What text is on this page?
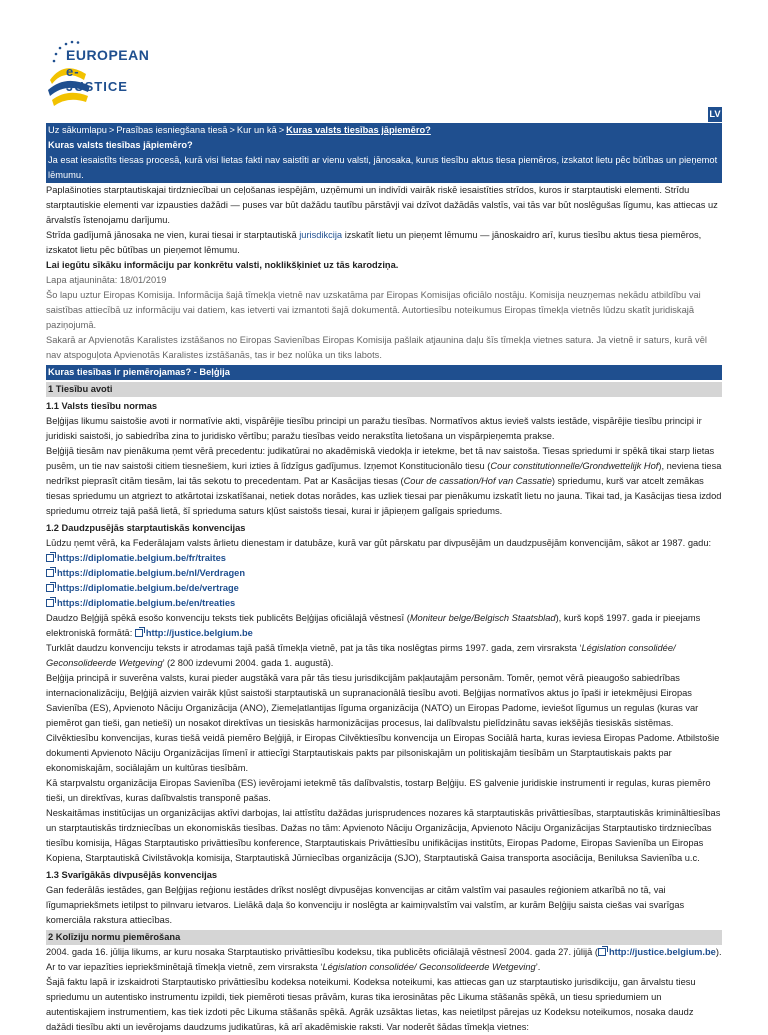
EUROPEAN
e-JUSTICE
LV
Uz sākumlapu > Prasības iesniegšana tiesā > Kur un kā > Kuras valsts tiesības jāpiemēro?

Kuras valsts tiesības jāpiemēro?

Ja esat iesaistīts tiesas procesā, kurā visi lietas fakti nav saistīti ar vienu valsti, jānosaka, kurus tiesību aktus tiesa piemēros, izskatot lietu pēc būtības un pieņemot lēmumu.

Paplašinoties starptautiskajai tirdzniecībai un ceļošanas iespējām, uzņēmumi un indivīdi vairāk riskē iesaistīties strīdos, kuros ir starptautiski elementi. Strīdu starptautiskie elementi var izpausties dažādi — puses var būt dažādu tautību pārstāvji vai dzīvot dažādās valstīs, vai tās var būt noslēgušas līgumu, kas attiecas uz ārvalstīs īstenojamu darījumu.

Strīda gadījumā jānosaka ne vien, kurai tiesai ir starptautiskā jurisdikcija izskatīt lietu un pieņemt lēmumu — jānoskaidro arī, kurus tiesību aktus tiesa piemēros, izskatot lietu pēc būtības un pieņemot lēmumu.

Lai iegūtu sīkāku informāciju par konkrētu valsti, noklikšķiniet uz tās karodziņa.

Lapa atjaunināta: 18/01/2019

Šo lapu uztur Eiropas Komisija. Informācija šajā tīmekļa vietnē nav uzskatāma par Eiropas Komisijas oficiālo nostāju. Komisija neuzņemas nekādu atbildību vai saistības attiecībā uz informāciju vai datiem, kas ietverti vai izmantoti šajā dokumentā. Autortiesību noteikumus Eiropas tīmekļa vietnēs lūdzu skatīt juridiskajā paziņojumā.

Sakarā ar Apvienotās Karalistes izstāšanos no Eiropas Savienības Eiropas Komisija pašlaik atjaunina daļu šīs tīmekļa vietnes satura. Ja vietnē ir saturs, kurā vēl nav atspoguļota Apvienotās Karalistes izstāšanās, tas ir bez nolūka un tiks labots.

Kuras tiesības ir piemērojamas? - Beļģija
1 Tiesību avoti
1.1 Valsts tiesību normas

Beļģijas likumu saistošie avoti ir normatīvie akti, vispārējie tiesību principi un paražu tiesības. Normatīvos aktus ievieš valsts iestāde, vispārējie tiesību principi ir juridiski saistoši, jo sabiedrība zina to juridisko vērtību; paražu tiesības veido nerakstīta lietošana un vispārpieņemta prakse.

Beļģijā tiesām nav pienākuma ņemt vērā precedentu: judikatūrai no akadēmiskā viedokļa ir ietekme, bet tā nav saistoša. Tiesas spriedumi ir spēkā tikai starp lietas pusēm, un tie nav saistoši citiem tiesnešiem, kuri izties ā līdzīgus gadījumus. Izņemot Konstitucionālo tiesu (Cour constitutionnelle/Grondwettelijk Hof), neviena tiesa nedrīkst pieprasīt citām tiesām, lai tās sekotu to precedentam. Pat ar Kasācijas tiesas (Cour de cassation/Hof van Cassatie) spriedumu, kurš var atcelt zemākas tiesas spriedumu un atgriezt to atkārtotai izskatīšanai, netiek dotas norādes, kas uzliek tiesai par pienākumu izskatīt lietu no jauna. Tikai tad, ja Kasācijas tiesa izdod spriedumu otrreiz tajā pašā lietā, šī sprieduma saturs kļūst saistošs tiesai, kurai ir jāpieņem galīgais spriedums.

1.2 Daudzpusējās starptautiskās konvencijas

Lūdzu ņemt vērā, ka Federālajam valsts ārlietu dienestam ir datubāze, kurā var gūt pārskatu par divpusējām un daudzpusējām konvencijām, sākot ar 1987. gadu:

https://diplomatie.belgium.be/fr/traites

https://diplomatie.belgium.be/nl/Verdragen

https://diplomatie.belgium.be/de/vertrage

https://diplomatie.belgium.be/en/treaties

Daudzo Beļģijā spēkā esošo konvenciju teksts tiek publicēts Beļģijas oficiālajā vēstnesī (Moniteur belge/Belgisch Staatsblad), kurš kopš 1997. gada ir pieejams elektroniskā formātā: http://justice.belgium.be

Turklāt daudzu konvenciju teksts ir atrodamas tajā pašā tīmekļa vietnē, pat ja tās tika noslēgtas pirms 1997. gada, zem virsraksta ‘Législation consolidée/ Geconsolideerde Wetgeving’ (2 800 izdevumi 2004. gada 1. augustā).

Beļģija principā ir suverēna valsts, kurai pieder augstākā vara pār tās tiesu jurisdikcijām pakļautajām personām. Tomēr, ņemot vērā pieaugošo sabiedrības internacionalizāciju, Beļģijā aizvien vairāk kļūst saistoši starptautiskā un supranacionālā tiesību avoti. Beļģijas normatīvos aktus jo īpaši ir ietekmējusi Eiropas Savienība (ES), Apvienoto Nāciju Organizācija (ANO), Ziemeļatlantijas līguma organizācija (NATO) un Eiropas Padome, ieviešot līgumus un regulas (kuras var piemērot gan tieši, gan netieši) un nosakot direktīvas un tiesiskās harmonizācijas procesus, lai dalībvalstu pielīdzinātu savas iekšējās tiesiskās sistēmas.

Cilvēktiesību konvencijas, kuras tiešā veidā piemēro Beļģijā, ir Eiropas Cilvēktiesību konvencija un Eiropas Sociālā harta, kuras ieviesa Eiropas Padome. Atbilstošie dokumenti Apvienoto Nāciju Organizācijas līmenī ir attiecīgi Starptautiskais pakts par pilsoniskajām un politiskajām tiesībām un Starptautiskais pakts par ekonomiskajām, sociālajām un kultūras tiesībām.

Kā starpvalstu organizācija Eiropas Savienība (ES) ievērojami ietekmē tās dalībvalstis, tostarp Beļģiju. ES galvenie juridiskie instrumenti ir regulas, kuras piemēro tieši, un direktīvas, kuras dalībvalstis transponē pašas.

Neskaitāmas institūcijas un organizācijas aktīvi darbojas, lai attīstītu dažādas jurisprudences nozares kā starptautiskās privāttiesības, starptautiskās krimināltiesības un starptautiskās tirdzniecības un ekonomiskās tiesības. Dažas no tām: Apvienoto Nāciju Organizācija, Apvienoto Nāciju Organizācijas Starptautisko tirdzniecības tiesību komisija, Hāgas Starptautisko privāttiesību konference, Starptautiskais Privāttiesību unifikācijas institūts, Eiropas Padome, Eiropas Savienība un Eiropas Kopiena, Starptautiskā Civilstāvokļa komisija, Starptautiskā Jūrniecības organizācija (SJO), Starptautiskā Gaisa transporta asociācija, Beniluksa Savienība u.c.

1.3 Svarīgākās divpusējās konvencijas

Gan federālās iestādes, gan Beļģijas reģionu iestādes drīkst noslēgt divpusējas konvencijas ar citām valstīm vai pasaules reģioniem atkarībā no tā, vai līgumapriekšmets ietilpst to pilnvaru ietvaros. Lielākā daļa šo konvenciju ir noslēgta ar kaimiņvalstīm vai valstīm, ar kurām Beļģiju saista ciešas vai svarīgas komerciāla rakstura attiecības.

2 Kolīziju normu piemērošana

2004. gada 16. jūlija likums, ar kuru nosaka Starptautisko privāttiesību kodeksu, tika publicēts oficiālajā vēstnesī 2004. gada 27. jūlijā ( http://justice.belgium.be). Ar to var iepazīties iepriekšminētajā tīmekļa vietnē, zem virsraksta ‘Législation consolidée/ Geconsolideerde Wetgeving’.

Šajā faktu lapā ir izskaidroti Starptautisko privāttiesību kodeksa noteikumi. Kodeksa noteikumi, kas attiecas gan uz starptautisko jurisdikciju, gan ārvalstu tiesu spriedumu un autentisko instrumentu izpildi, tiek piemēroti tiesas prāvām, kuras tika ierosinātas pēc Likuma stāšanās spēkā, un tiesu spriedumiem un autentiskajiem instrumentiem, kas tiek izdoti pēc Likuma stāšanās spēkā. Agrāk uzsāktas lietas, kas neietilpst pārejas uz Kodeksu noteikumos, nosaka daudz dažādi tiesību akti un ievērojams daudzums judikatūras, kā arī akadēmiskie raksti. Var noderēt šādas tīmekļa vietnes:
